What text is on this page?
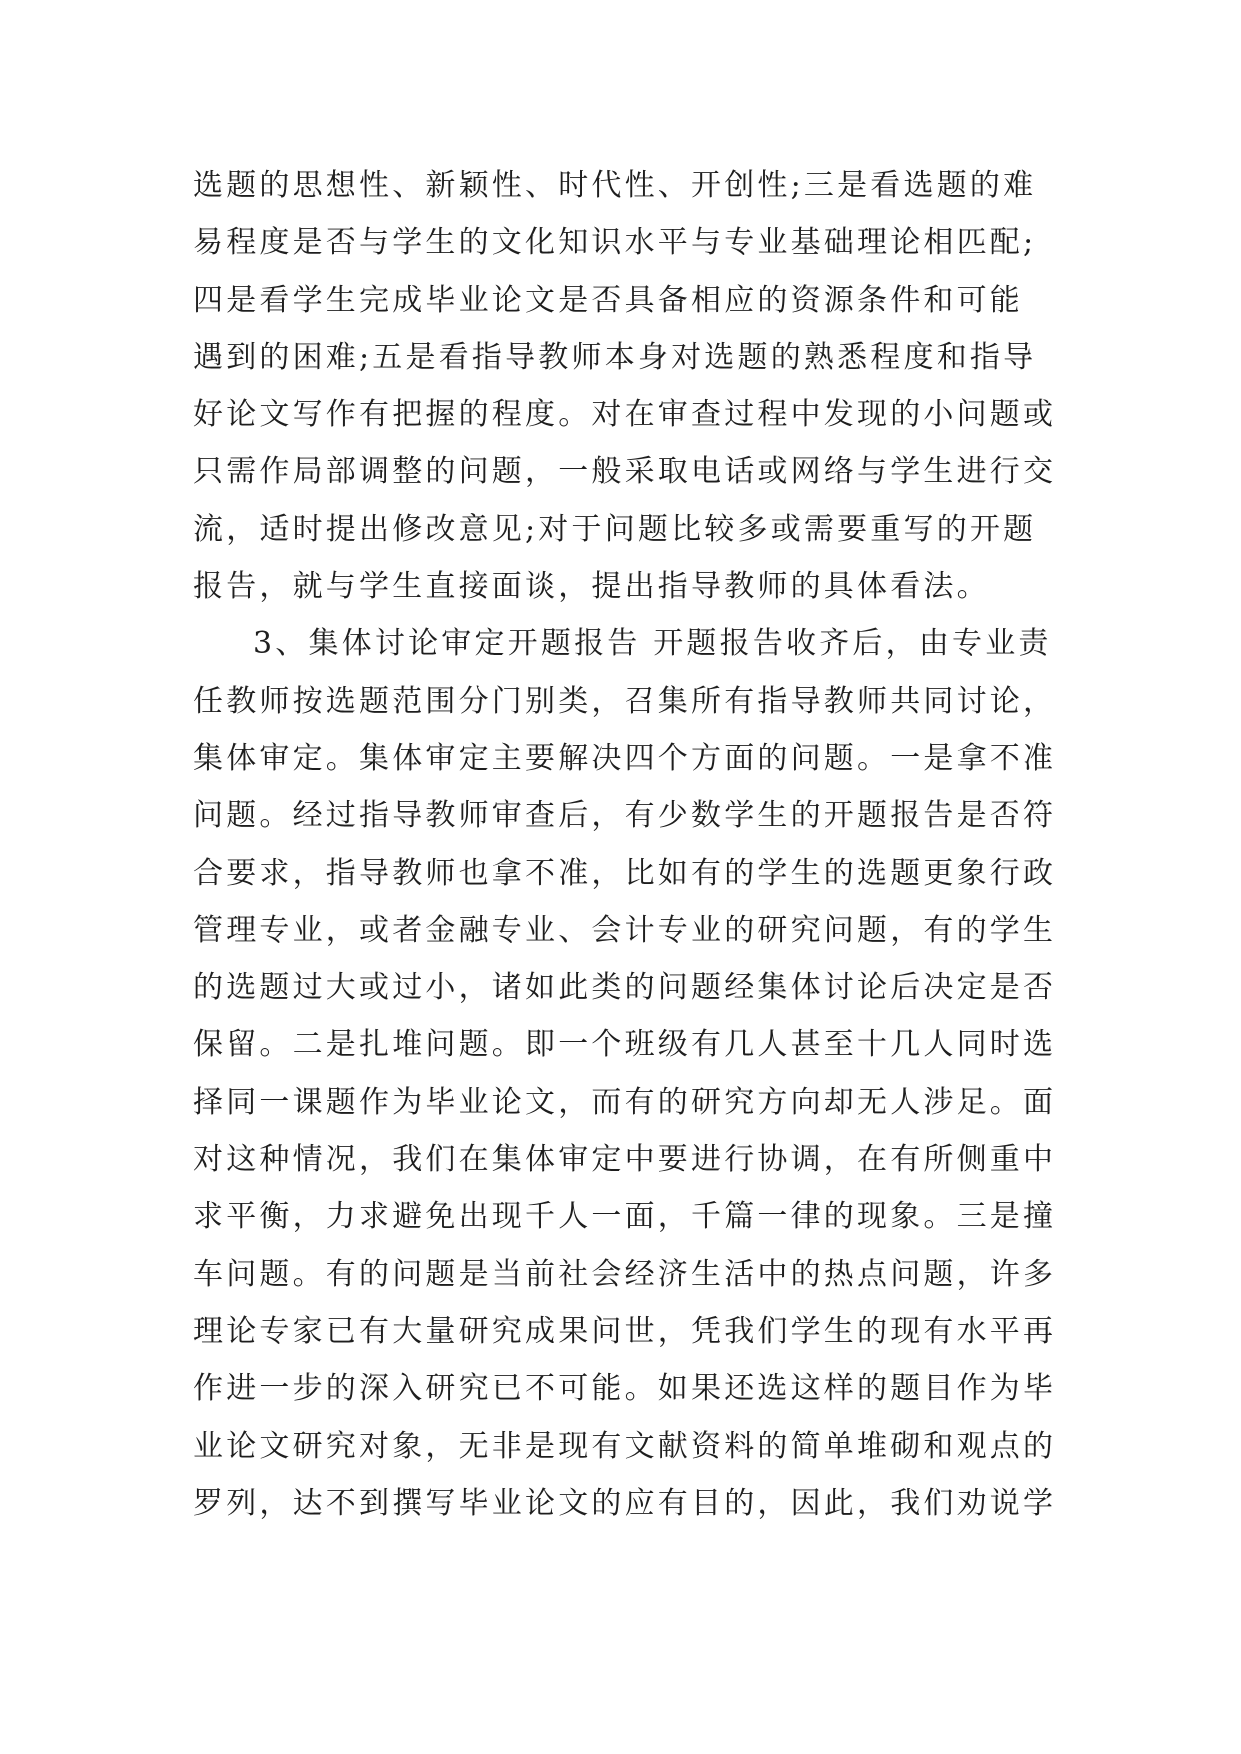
选题的思想性、新颖性、时代性、开创性;三是看选题的难
易程度是否与学生的文化知识水平与专业基础理论相匹配;
四是看学生完成毕业论文是否具备相应的资源条件和可能
遇到的困难;五是看指导教师本身对选题的熟悉程度和指导
好论文写作有把握的程度。对在审查过程中发现的小问题或
只需作局部调整的问题，一般采取电话或网络与学生进行交
流，适时提出修改意见;对于问题比较多或需要重写的开题
报告，就与学生直接面谈，提出指导教师的具体看法。
3、集体讨论审定开题报告 开题报告收齐后，由专业责
任教师按选题范围分门别类，召集所有指导教师共同讨论，
集体审定。集体审定主要解决四个方面的问题。一是拿不准
问题。经过指导教师审查后，有少数学生的开题报告是否符
合要求，指导教师也拿不准，比如有的学生的选题更象行政
管理专业，或者金融专业、会计专业的研究问题，有的学生
的选题过大或过小，诸如此类的问题经集体讨论后决定是否
保留。二是扎堆问题。即一个班级有几人甚至十几人同时选
择同一课题作为毕业论文，而有的研究方向却无人涉足。面
对这种情况，我们在集体审定中要进行协调，在有所侧重中
求平衡，力求避免出现千人一面，千篇一律的现象。三是撞
车问题。有的问题是当前社会经济生活中的热点问题，许多
理论专家已有大量研究成果问世，凭我们学生的现有水平再
作进一步的深入研究已不可能。如果还选这样的题目作为毕
业论文研究对象，无非是现有文献资料的简单堆砌和观点的
罗列，达不到撰写毕业论文的应有目的，因此，我们劝说学
